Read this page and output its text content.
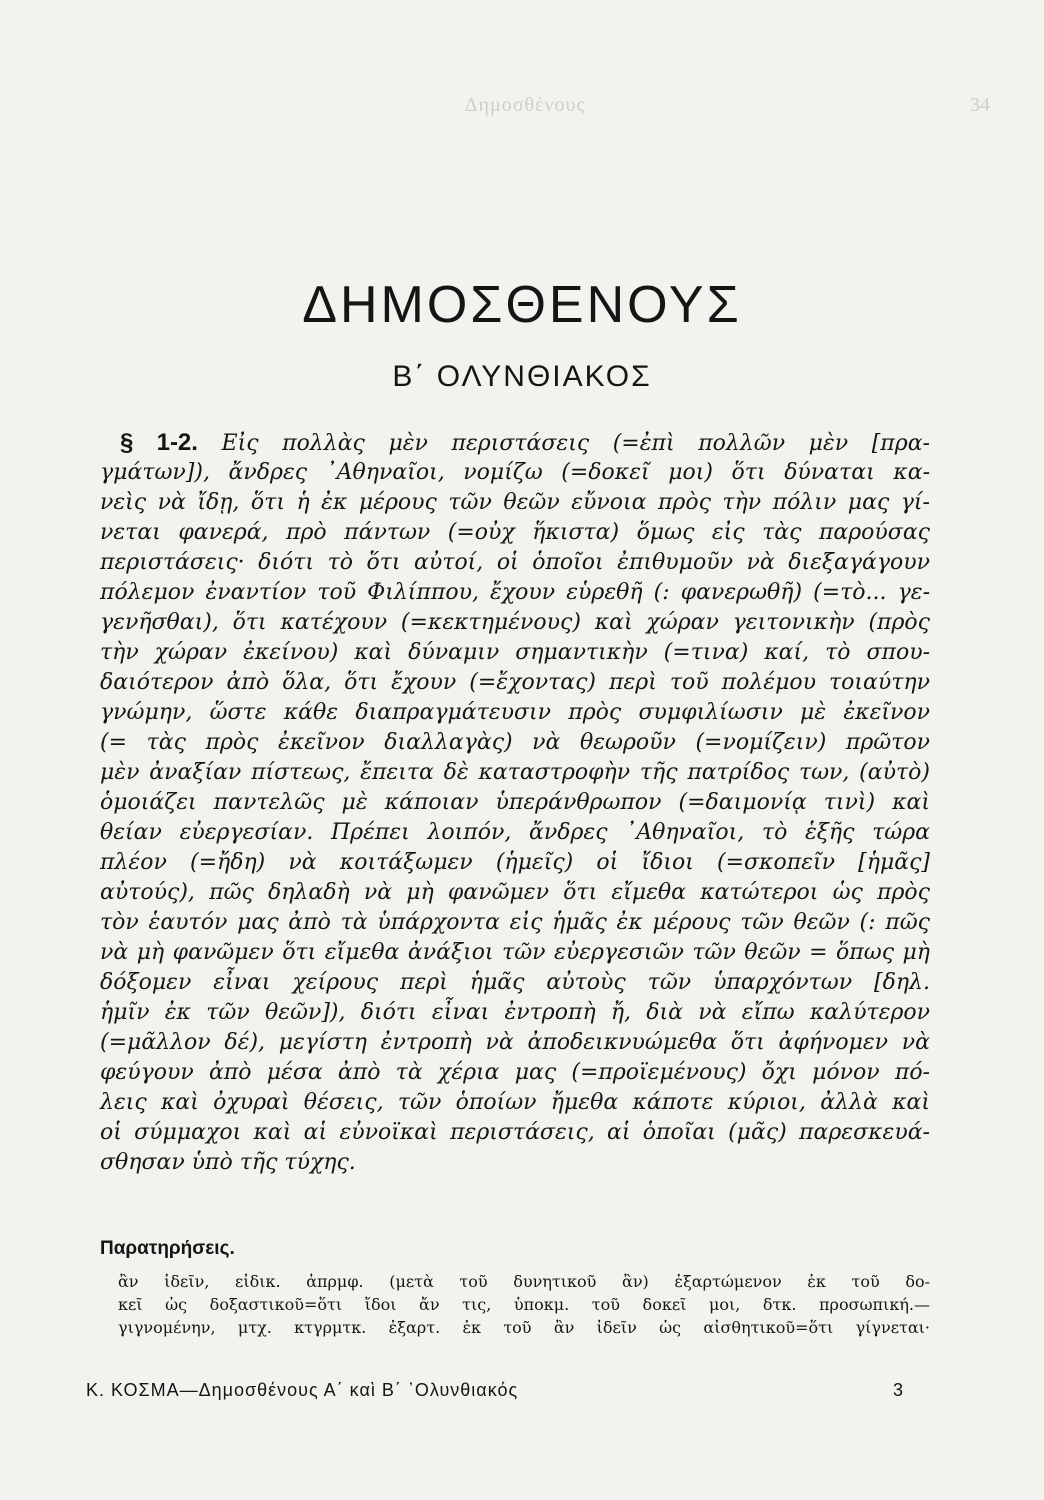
Δημοσθένους	34
ΔΗΜΟΣΘΕΝΟΥΣ
Β΄ ΟΛΥΝΘΙΑΚΟΣ
§ 1-2. Εἰς πολλὰς μὲν περιστάσεις (=ἐπὶ πολλῶν μὲν [πρα-
γμάτων]), ἄνδρες ᾿Αθηναῖοι, νομίζω (=δοκεῖ μοι) ὅτι δύναται κα-
νεὶς νὰ ἴδῃ, ὅτι ἡ ἐκ μέρους τῶν θεῶν εὔνοια πρὸς τὴν πόλιν μας γί-
νεται φανερά, πρὸ πάντων (=οὐχ ἥκιστα) ὅμως εἰς τὰς παρούσας
περιστάσεις· διότι τὸ ὅτι αὐτοί, οἱ ὁποῖοι ἐπιθυμοῦν νὰ διεξαγάγουν
πόλεμον ἐναντίον τοῦ Φιλίππου, ἔχουν εὑρεθῆ (: φανερωθῆ) (=τὸ... γε-
γενῆσθαι), ὅτι κατέχουν (=κεκτημένους) καὶ χώραν γειτονικὴν (πρὸς
τὴν χώραν ἐκείνου) καὶ δύναμιν σημαντικὴν (=τινα) καί, τὸ σπου-
δαιότερον ἀπὸ ὅλα, ὅτι ἔχουν (=ἔχοντας) περὶ τοῦ πολέμου τοιαύτην
γνώμην, ὥστε κάθε διαπραγμάτευσιν πρὸς συμφιλίωσιν μὲ ἐκεῖνον
(= τὰς πρὸς ἐκεῖνον διαλλαγὰς) νὰ θεωροῦν (=νομίζειν) πρῶτον
μὲν ἀναξίαν πίστεως, ἔπειτα δὲ καταστροφὴν τῆς πατρίδος των, (αὐτὸ)
ὁμοιάζει παντελῶς μὲ κάποιαν ὑπεράνθρωπον (=δαιμονίᾳ τινὶ) καὶ
θείαν εὐεργεσίαν. Πρέπει λοιπόν, ἄνδρες ᾿Αθηναῖοι, τὸ ἑξῆς τώρα
πλέον (=ἤδη) νὰ κοιτάξωμεν (ἡμεῖς) οἱ ἴδιοι (=σκοπεῖν [ἡμᾶς]
αὐτούς), πῶς δηλαδὴ νὰ μὴ φανῶμεν ὅτι εἴμεθα κατώτεροι ὡς πρὸς
τὸν ἑαυτόν μας ἀπὸ τὰ ὑπάρχοντα εἰς ἡμᾶς ἐκ μέρους τῶν θεῶν (: πῶς
νὰ μὴ φανῶμεν ὅτι εἴμεθα ἀνάξιοι τῶν εὐεργεσιῶν τῶν θεῶν = ὅπως μὴ
δόξομεν εἶναι χείρους περὶ ἡμᾶς αὐτοὺς τῶν ὑπαρχόντων [δηλ.
ἡμῖν ἐκ τῶν θεῶν]), διότι εἶναι ἐντροπὴ ἤ, διὰ νὰ εἴπω καλύτερον
(=μᾶλλον δέ), μεγίστη ἐντροπὴ νὰ ἀποδεικνυώμεθα ὅτι ἀφήνομεν νὰ
φεύγουν ἀπὸ μέσα ἀπὸ τὰ χέρια μας (=προϊεμένους) ὄχι μόνον πό-
λεις καὶ ὀχυραὶ θέσεις, τῶν ὁποίων ἤμεθα κάποτε κύριοι, ἀλλὰ καὶ
οἱ σύμμαχοι καὶ αἱ εὐνοϊκαὶ περιστάσεις, αἱ ὁποῖαι (μᾶς) παρεσκευά-
σθησαν ὑπὸ τῆς τύχης.
Παρατηρήσεις.
ἂν ἰδεῖν, εἰδικ. ἀπρμφ. (μετὰ τοῦ δυνητικοῦ ἂν) ἐξαρτώμενον ἐκ τοῦ δο-
κεῖ ὡς δοξαστικοῦ=ὅτι ἴδοι ἄν τις, ὑποκμ. τοῦ δοκεῖ μοι, δτκ. προσωπική.—
γιγνομένην, μτχ. κτγρμτκ. ἐξαρτ. ἐκ τοῦ ἂν ἰδεῖν ὡς αἰσθητικοῦ=ὅτι γίγνεται·
Κ. ΚΟΣΜΑ—Δημοσθένους Α΄ καὶ Β΄ ᾿Ολυνθιακός	3
